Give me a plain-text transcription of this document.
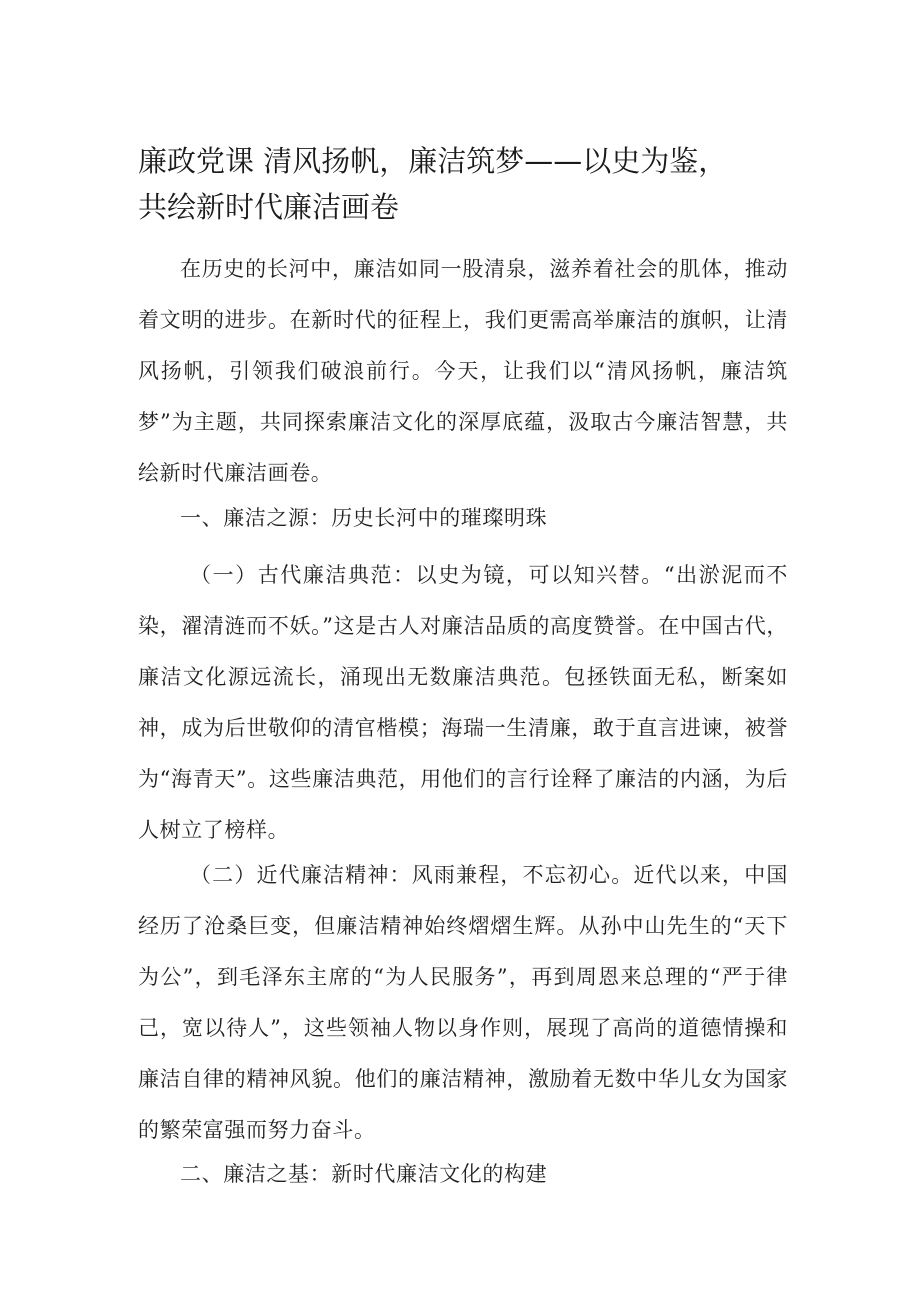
廉政党课 清风扬帆，廉洁筑梦——以史为鉴，
共绘新时代廉洁画卷

在历史的长河中，廉洁如同一股清泉，滋养着社会的肌体，推动着文明的进步。在新时代的征程上，我们更需高举廉洁的旗帜，让清风扬帆，引领我们破浪前行。今天，让我们以“清风扬帆，廉洁筑梦”为主题，共同探索廉洁文化的深厚底蕴，汲取古今廉洁智慧，共绘新时代廉洁画卷。

一、廉洁之源：历史长河中的璀璨明珠

（一）古代廉洁典范：以史为镜，可以知兴替。“出淤泥而不染，濯清涟而不妖。”这是古人对廉洁品质的高度赞誉。在中国古代，廉洁文化源远流长，涌现出无数廉洁典范。包拯铁面无私，断案如神，成为后世敬仰的清官楷模；海瑞一生清廉，敢于直言进谏，被誉为“海青天”。这些廉洁典范，用他们的言行诠释了廉洁的内涵，为后人树立了榜样。

（二）近代廉洁精神：风雨兼程，不忘初心。近代以来，中国经历了沧桑巨变，但廉洁精神始终熠熠生辉。从孙中山先生的“天下为公”，到毛泽东主席的“为人民服务”，再到周恩来总理的“严于律己，宽以待人”，这些领袖人物以身作则，展现了高尚的道德情操和廉洁自律的精神风貌。他们的廉洁精神，激励着无数中华儿女为国家的繁荣富强而努力奋斗。

二、廉洁之基：新时代廉洁文化的构建
